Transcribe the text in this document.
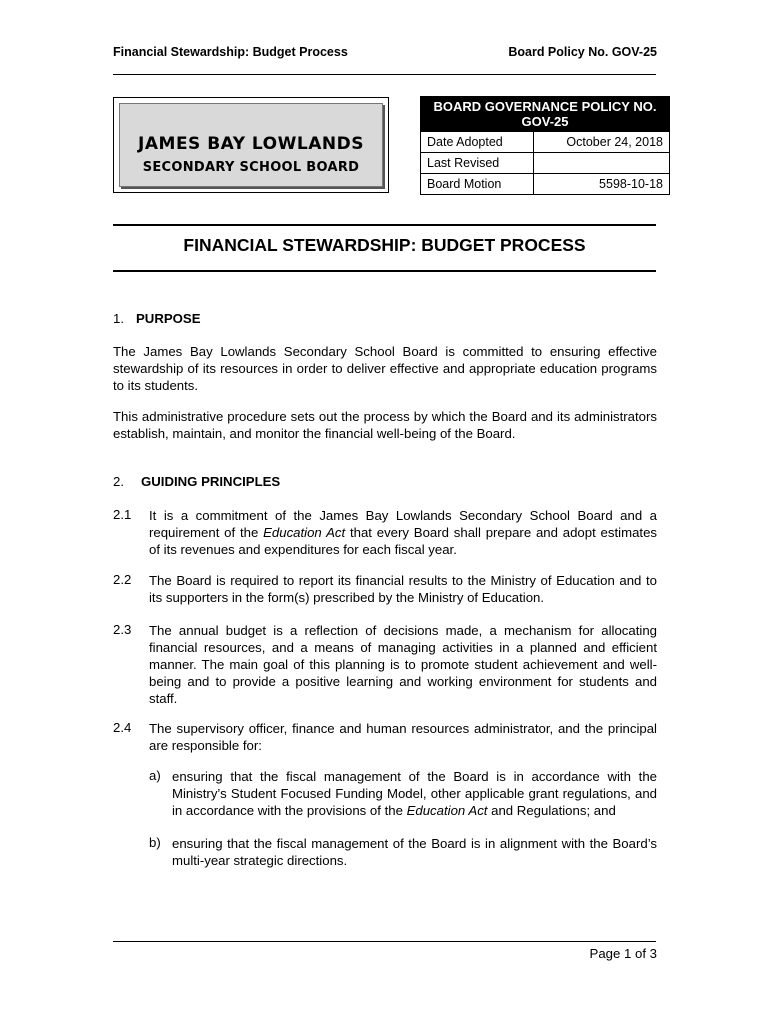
Financial Stewardship: Budget Process	Board Policy No. GOV-25
JAMES BAY LOWLANDS
SECONDARY SCHOOL BOARD
BOARD GOVERNANCE POLICY NO. GOV-25	
Date Adopted	October 24, 2018
Last Revised	
Board Motion	5598-10-18
FINANCIAL STEWARDSHIP: BUDGET PROCESS
1. PURPOSE
The James Bay Lowlands Secondary School Board is committed to ensuring effective stewardship of its resources in order to deliver effective and appropriate education programs to its students.
This administrative procedure sets out the process by which the Board and its administrators establish, maintain, and monitor the financial well-being of the Board.
2. GUIDING PRINCIPLES
2.1 It is a commitment of the James Bay Lowlands Secondary School Board and a requirement of the Education Act that every Board shall prepare and adopt estimates of its revenues and expenditures for each fiscal year.
2.2 The Board is required to report its financial results to the Ministry of Education and to its supporters in the form(s) prescribed by the Ministry of Education.
2.3 The annual budget is a reflection of decisions made, a mechanism for allocating financial resources, and a means of managing activities in a planned and efficient manner. The main goal of this planning is to promote student achievement and well-being and to provide a positive learning and working environment for students and staff.
2.4 The supervisory officer, finance and human resources administrator, and the principal are responsible for:
a) ensuring that the fiscal management of the Board is in accordance with the Ministry’s Student Focused Funding Model, other applicable grant regulations, and in accordance with the provisions of the Education Act and Regulations; and
b) ensuring that the fiscal management of the Board is in alignment with the Board’s multi-year strategic directions.
Page 1 of 3
